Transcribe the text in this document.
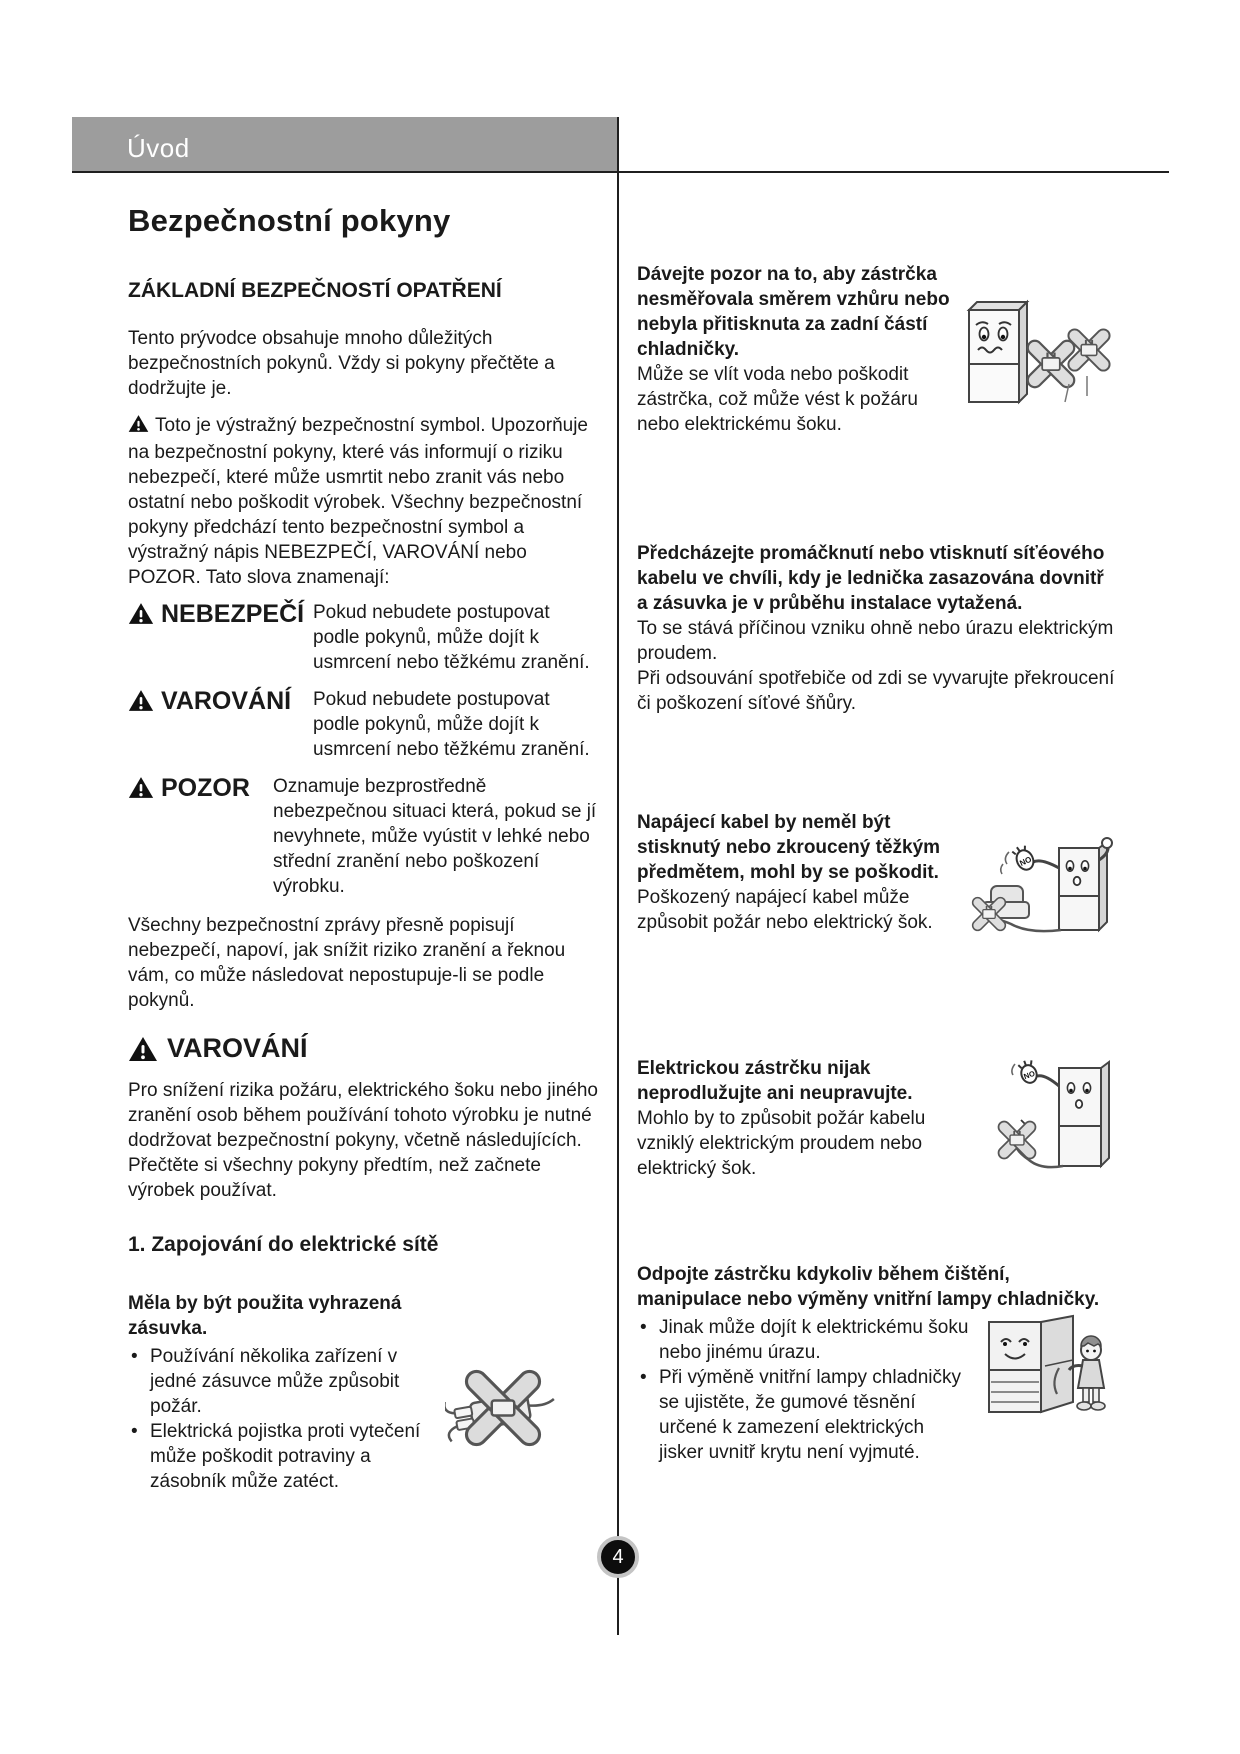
Úvod
Bezpečnostní pokyny
ZÁKLADNÍ BEZPEČNOSTÍ OPATŘENÍ

Tento prývodce obsahuje mnoho důležitých bezpečnostních pokynů. Vždy si pokyny přečtěte a dodržujte je.

Toto je výstražný bezpečnostní symbol. Upozorňuje na bezpečnostní pokyny, které vás informují o riziku nebezpečí, které může usmrtit nebo zranit vás nebo ostatní nebo poškodit výrobek. Všechny bezpečnostní pokyny předchází tento bezpečnostní symbol a výstražný nápis NEBEZPEČÍ, VAROVÁNÍ nebo POZOR. Tato slova znamenají:

NEBEZPEČÍ Pokud nebudete postupovat podle pokynů, může dojít k usmrcení nebo těžkému zranění.
VAROVÁNÍ Pokud nebudete postupovat podle pokynů, může dojít k usmrcení nebo těžkému zranění.
POZOR Oznamuje bezprostředně nebezpečnou situaci která, pokud se jí nevyhnete, může vyústit v lehké nebo střední zranění nebo poškození výrobku.

Všechny bezpečnostní zprávy přesně popisují nebezpečí, napoví, jak snížit riziko zranění a řeknou vám, co může následovat nepostupuje-li se podle pokynů.

VAROVÁNÍ

Pro snížení rizika požáru, elektrického šoku nebo jiného zranění osob během používání tohoto výrobku je nutné dodržovat bezpečnostní pokyny, včetně následujících. Přečtěte si všechny pokyny předtím, než začnete výrobek používat.

1. Zapojování do elektrické sítě

Měla by být použita vyhrazená zásuvka.

• Používání několika zařízení v jedné zásuvce může způsobit požár.
• Elektrická pojistka proti vytečení může poškodit potraviny a zásobník může zatéct.

Dávejte pozor na to, aby zástrčka nesměřovala směrem vzhůru nebo nebyla přitisknuta za zadní částí chladničky.

Může se vlít voda nebo poškodit zástrčka, což může vést k požáru nebo elektrickému šoku.

Předcházejte promáčknutí nebo vtisknutí síťéového kabelu ve chvíli, kdy je lednička zasazována dovnitř a zásuvka je v průběhu instalace vytažená.

To se stává příčinou vzniku ohně nebo úrazu elektrickým proudem.

Při odsouvání spotřebiče od zdi se vyvarujte překroucení či poškození síťové šňůry.

NO

Napájecí kabel by neměl být stisknutý nebo zkroucený těžkým předmětem, mohl by se poškodit.

Poškozený napájecí kabel může způsobit požár nebo elektrický šok.

NO

Elektrickou zástrčku nijak neprodlužujte ani neupravujte.

Mohlo by to způsobit požár kabelu vzniklý elektrickým proudem nebo elektrický šok.

Odpojte zástrčku kdykoliv během čištění, manipulace nebo výměny vnitřní lampy chladničky.

• Jinak může dojít k elektrickému šoku nebo jinému úrazu.
• Při výměně vnitřní lampy chladničky se ujistěte, že gumové těsnění určené k zamezení elektrických jisker uvnitř krytu není vyjmuté.
4
